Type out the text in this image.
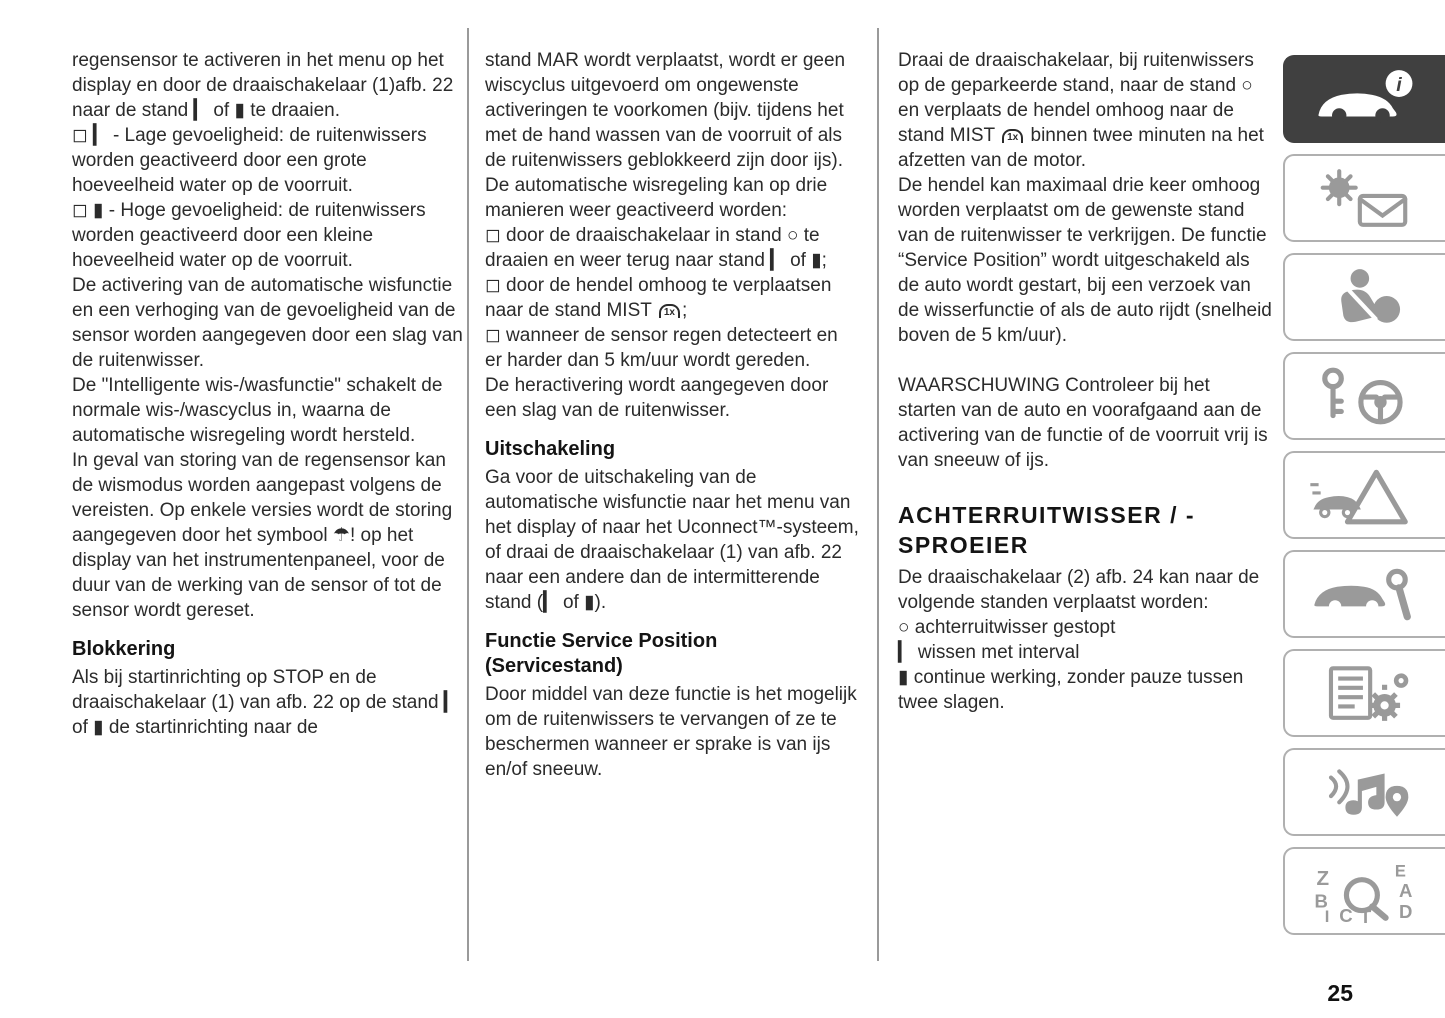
regensensor te activeren in het menu op het display en door de draaischakelaar (1)afb. 22 naar de stand ▎ of ▮ te draaien.

◻ ▎ - Lage gevoeligheid: de ruitenwissers worden geactiveerd door een grote hoeveelheid water op de voorruit.

◻ ▮ - Hoge gevoeligheid: de ruitenwissers worden geactiveerd door een kleine hoeveelheid water op de voorruit.

De activering van de automatische wisfunctie en een verhoging van de gevoeligheid van de sensor worden aangegeven door een slag van de ruitenwisser.

De "Intelligente wis-/wasfunctie" schakelt de normale wis-/wascyclus in, waarna de automatische wisregeling wordt hersteld.

In geval van storing van de regensensor kan de wismodus worden aangepast volgens de vereisten. Op enkele versies wordt de storing aangegeven door het symbool ☂! op het display van het instrumentenpaneel, voor de duur van de werking van de sensor of tot de sensor wordt gereset.

Blokkering

Als bij startinrichting op STOP en de draaischakelaar (1) van afb. 22 op de stand ▎ of ▮ de startinrichting naar de

stand MAR wordt verplaatst, wordt er geen wiscyclus uitgevoerd om ongewenste activeringen te voorkomen (bijv. tijdens het met de hand wassen van de voorruit of als de ruitenwissers geblokkeerd zijn door ijs).

De automatische wisregeling kan op drie manieren weer geactiveerd worden:

◻ door de draaischakelaar in stand ○ te draaien en weer terug naar stand ▎ of ▮;

◻ door de hendel omhoog te verplaatsen naar de stand MIST 1x ;

◻ wanneer de sensor regen detecteert en er harder dan 5 km/uur wordt gereden.

De heractivering wordt aangegeven door een slag van de ruitenwisser.

Uitschakeling

Ga voor de uitschakeling van de automatische wisfunctie naar het menu van het display of naar het Uconnect™-systeem, of draai de draaischakelaar (1) van afb. 22 naar een andere dan de intermitterende stand (▎ of ▮).

Functie Service Position (Servicestand)

Door middel van deze functie is het mogelijk om de ruitenwissers te vervangen of ze te beschermen wanneer er sprake is van ijs en/of sneeuw.

Draai de draaischakelaar, bij ruitenwissers op de geparkeerde stand, naar de stand ○ en verplaats de hendel omhoog naar de stand MIST 1x binnen twee minuten na het afzetten van de motor.

De hendel kan maximaal drie keer omhoog worden verplaatst om de gewenste stand van de ruitenwisser te verkrijgen. De functie “Service Position” wordt uitgeschakeld als de auto wordt gestart, bij een verzoek van de wisserfunctie of als de auto rijdt (snelheid boven de 5 km/uur).

WAARSCHUWING Controleer bij het starten van de auto en voorafgaand aan de activering van de functie of de voorruit vrij is van sneeuw of ijs.

ACHTERRUITWISSER / - SPROEIER

De draaischakelaar (2) afb. 24 kan naar de volgende standen verplaatst worden:

○ achterruitwisser gestopt

▎ wissen met interval

▮ continue werking, zonder pauze tussen twee slagen.

i
Z	E
A
B	D
I C T
25
